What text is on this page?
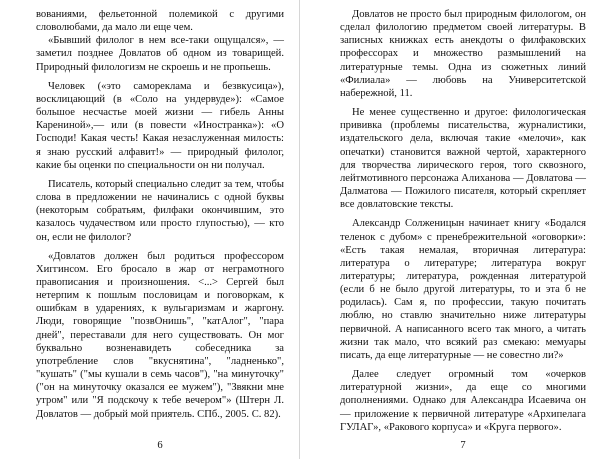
вованиями, фельетонной полемикой с другими словолюбами, да мало ли еще чем.

«Бывший филолог в нем все-таки ощущался», — заметил позднее Довлатов об одном из товарищей. Природный филологизм не скроешь и не пропьешь.

Человек («это самореклама и безвкусица»), восклицающий (в «Соло на ундервуде»): «Самое большое несчастье моей жизни — гибель Анны Карениной»,— или (в повести «Иностранка»): «О Господи! Какая честь! Какая незаслуженная милость: я знаю русский алфавит!» — природный филолог, какие бы оценки по специальности он ни получал.

Писатель, который специально следит за тем, чтобы слова в предложении не начинались с одной буквы (некоторым собратьям, филфаки окончившим, это казалось чудачеством или просто глупостью), — кто он, если не филолог?

«Довлатов должен был родиться профессором Хиггинсом. Его бросало в жар от неграмотного правописания и произношения. <...> Сергей был нетерпим к пошлым пословицам и поговоркам, к ошибкам в ударениях, к вульгаризмам и жаргону. Люди, говорящие "позвОнишь", "катАлог", "пара дней", переставали для него существовать. Он мог буквально возненавидеть собеседника за употребление слов "вкуснятина", "ладненько", "кушать" ("мы кушали в семь часов"), "на минуточку" ("он на минуточку оказался ее мужем"), "Звякни мне утром" или "Я подскочу к тебе вечером"» (Штерн Л. Довлатов — добрый мой приятель. СПб., 2005. С. 82).

6

Довлатов не просто был природным филологом, он сделал филологию предметом своей литературы. В записных книжках есть анекдоты о филфаковских профессорах и множество размышлений на литературные темы. Одна из сюжетных линий «Филиала» — любовь на Университетской набережной, 11.

Не менее существенно и другое: филологическая прививка (проблемы писательства, журналистики, издательского дела, включая такие «мелочи», как опечатки) становится важной чертой, характерного для творчества лирического героя, того сквозного, лейтмотивного персонажа Алиханова — Довлатова — Далматова — Пожилого писателя, который скрепляет все довлатовские тексты.

Александр Солженицын начинает книгу «Бодался теленок с дубом» с пренебрежительной «оговорки»: «Есть такая немалая, вторичная литература: литература о литературе; литература вокруг литературы; литература, рожденная литературой (если б не было другой литературы, то и эта б не родилась). Сам я, по профессии, такую почитать люблю, но ставлю значительно ниже литературы первичной. А написанного всего так много, а читать жизни так мало, что всякий раз смекаю: мемуары писать, да еще литературные — не совестно ли?»

Далее следует огромный том «очерков литературной жизни», да еще со многими дополнениями. Однако для Александра Исаевича он — приложение к первичной литературе «Архипелага ГУЛАГ», «Ракового корпуса» и «Круга первого».

7
